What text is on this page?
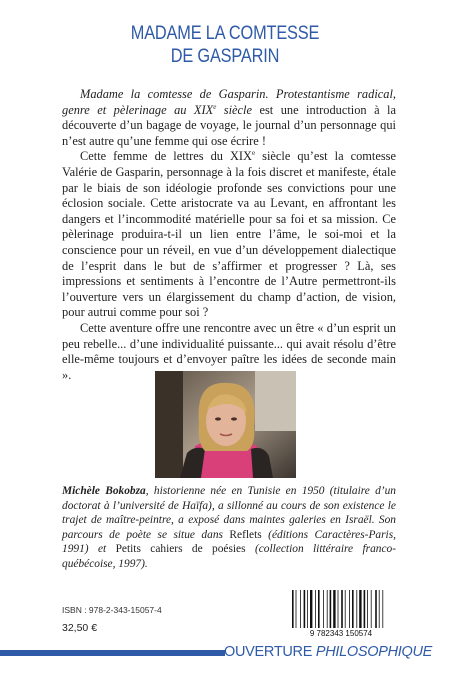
MADAME LA COMTESSE
DE GASPARIN

Madame la comtesse de Gasparin. Protestantisme radical, genre et pèlerinage au XIXe siècle est une introduction à la découverte d’un bagage de voyage, le journal d’un personnage qui n’est autre qu’une femme qui ose écrire !

Cette femme de lettres du XIXe siècle qu’est la comtesse Valérie de Gasparin, personnage à la fois discret et manifeste, étale par le biais de son idéologie profonde ses convictions pour une éclosion sociale. Cette aristocrate va au Levant, en affrontant les dangers et l’incommodité matérielle pour sa foi et sa mission. Ce pèlerinage produira-t-il un lien entre l’âme, le soi-moi et la conscience pour un réveil, en vue d’un développement dialectique de l’esprit dans le but de s’affirmer et progresser ? Là, ses impressions et sentiments à l’encontre de l’Autre permettront-ils l’ouverture vers un élargissement du champ d’action, de vision, pour autrui comme pour soi ?

Cette aventure offre une rencontre avec un être « d’un esprit un peu rebelle... d’une individualité puissante... qui avait résolu d’être elle-même toujours et d’envoyer paître les idées de seconde main ».

Michèle Bokobza, historienne née en Tunisie en 1950 (titulaire d’un doctorat à l’université de Haïfa), a sillonné au cours de son existence le trajet de maître-peintre, a exposé dans maintes galeries en Israël. Son parcours de poète se situe dans Reflets (éditions Caractères-Paris, 1991) et Petits cahiers de poésies (collection littéraire franco-québécoise, 1997).
ISBN : 978-2-343-15057-4
32,50 €	9 782343 150574
OUVERTURE PHILOSOPHIQUE
